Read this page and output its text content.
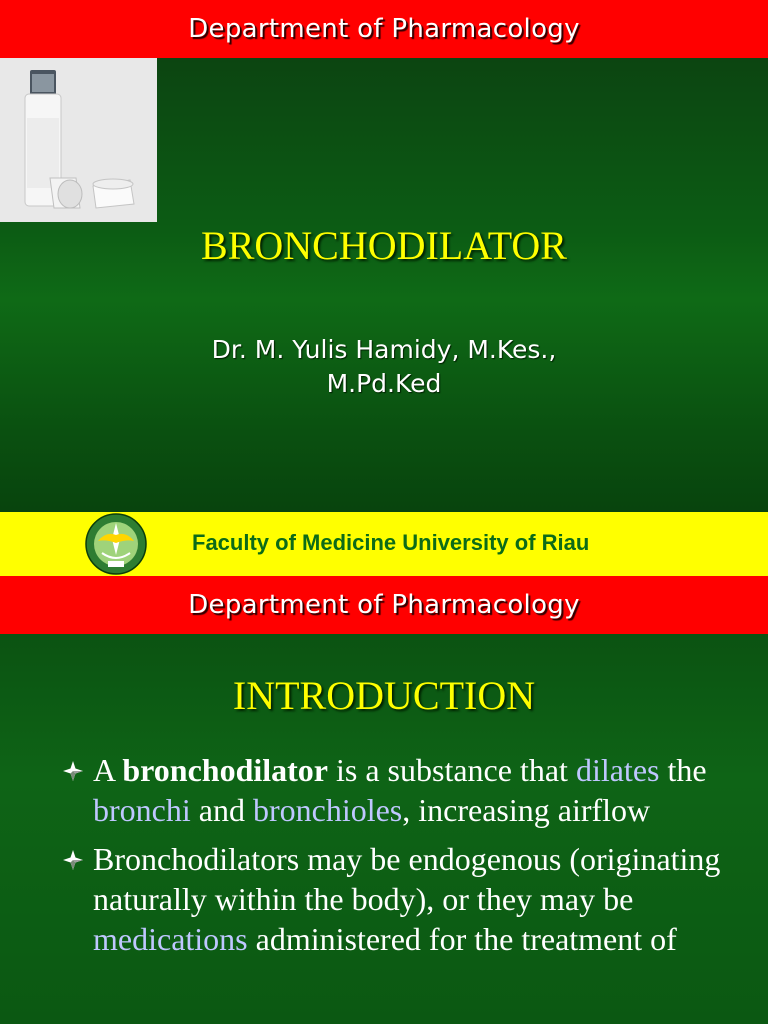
Department of Pharmacology
BRONCHODILATOR
Dr. M. Yulis Hamidy, M.Kes.,
M.Pd.Ked
Faculty of Medicine University of Riau
Department of Pharmacology
INTRODUCTION
A bronchodilator is a substance that dilates the bronchi and bronchioles, increasing airflow
Bronchodilators may be endogenous (originating naturally within the body), or they may be medications administered for the treatment of
